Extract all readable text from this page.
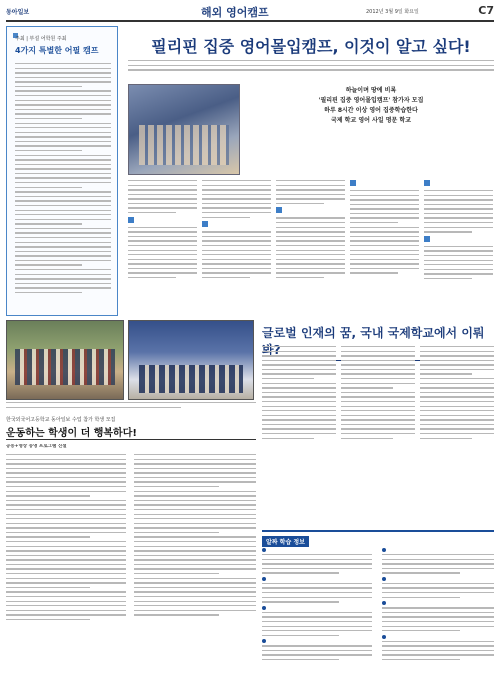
동아일보	해외 영어캠프	2012년 3월 9일 화요일	C7
주최 | 부설 어학원 주최
4가지 특별한 어필 캠프	필리핀 집중 영어몰입캠프, 이것이 알고 싶다!
하늘이며 땅에 비록
'필리핀 집중 영어몰입캠프' 참가자 모집
하루 8시간 이상 영어 집중학습한다
국제 학교 영어 사일 명문 학교
한국외국어고등학교 동아일보 수업 참가 학생 모집
운동하는 학생이 더 행복하다!
공동+영상 동영 프로그램 신설
글로벌 인재의 꿈, 국내 국제학교에서 이뤄
알짜 학습 정보
